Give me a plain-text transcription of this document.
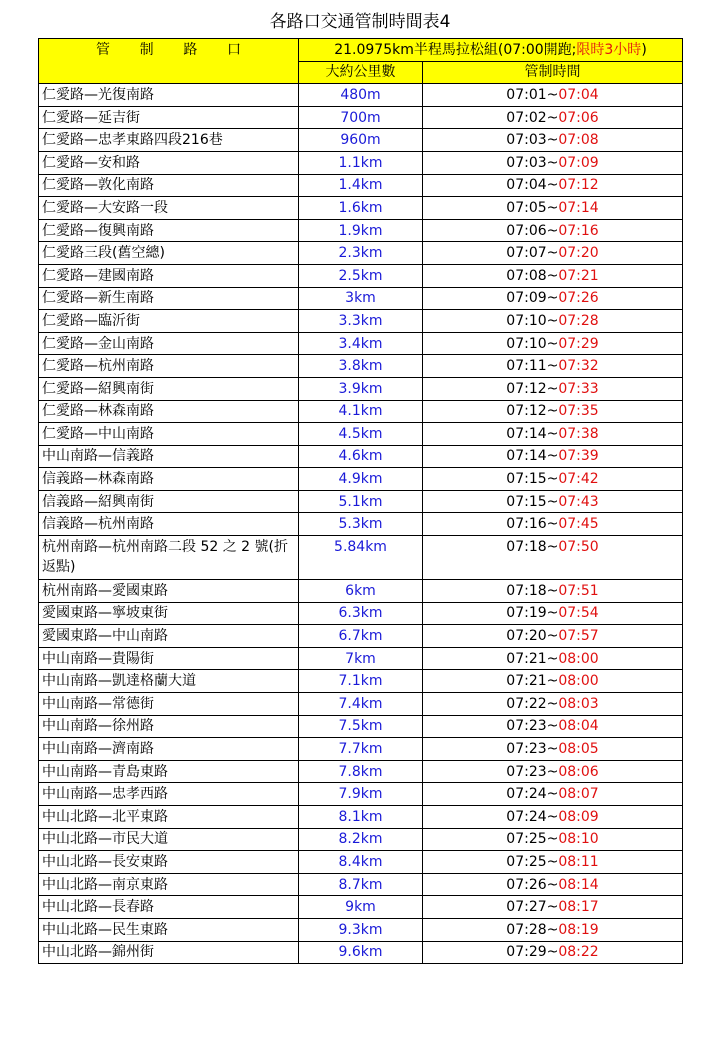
各路口交通管制時間表4
管 制 路 口	21.0975km半程馬拉松組(07:00開跑;限時3小時)	
	大約公里數	管制時間
仁愛路—光復南路	480m	07:01~07:04
仁愛路—延吉街	700m	07:02~07:06
仁愛路—忠孝東路四段216巷	960m	07:03~07:08
仁愛路—安和路	1.1km	07:03~07:09
仁愛路—敦化南路	1.4km	07:04~07:12
仁愛路—大安路一段	1.6km	07:05~07:14
仁愛路—復興南路	1.9km	07:06~07:16
仁愛路三段(舊空總)	2.3km	07:07~07:20
仁愛路—建國南路	2.5km	07:08~07:21
仁愛路—新生南路	3km	07:09~07:26
仁愛路—臨沂街	3.3km	07:10~07:28
仁愛路—金山南路	3.4km	07:10~07:29
仁愛路—杭州南路	3.8km	07:11~07:32
仁愛路—紹興南街	3.9km	07:12~07:33
仁愛路—林森南路	4.1km	07:12~07:35
仁愛路—中山南路	4.5km	07:14~07:38
中山南路—信義路	4.6km	07:14~07:39
信義路—林森南路	4.9km	07:15~07:42
信義路—紹興南街	5.1km	07:15~07:43
信義路—杭州南路	5.3km	07:16~07:45
杭州南路—杭州南路二段 52 之 2 號(折返點)	5.84km	07:18~07:50
杭州南路—愛國東路	6km	07:18~07:51
愛國東路—寧坡東街	6.3km	07:19~07:54
愛國東路—中山南路	6.7km	07:20~07:57
中山南路—貴陽街	7km	07:21~08:00
中山南路—凱達格蘭大道	7.1km	07:21~08:00
中山南路—常德街	7.4km	07:22~08:03
中山南路—徐州路	7.5km	07:23~08:04
中山南路—濟南路	7.7km	07:23~08:05
中山南路—青島東路	7.8km	07:23~08:06
中山南路—忠孝西路	7.9km	07:24~08:07
中山北路—北平東路	8.1km	07:24~08:09
中山北路—市民大道	8.2km	07:25~08:10
中山北路—長安東路	8.4km	07:25~08:11
中山北路—南京東路	8.7km	07:26~08:14
中山北路—長春路	9km	07:27~08:17
中山北路—民生東路	9.3km	07:28~08:19
中山北路—錦州街	9.6km	07:29~08:22
